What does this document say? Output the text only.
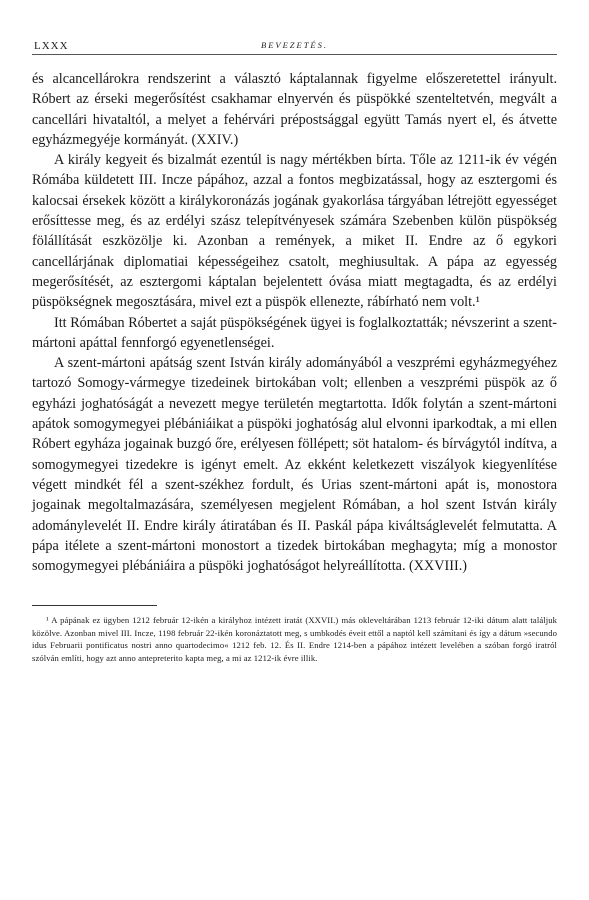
LXXX	BEVEZETÉS.

és alcancellárokra rendszerint a választó káptalannak figyelme előszeretettel irányult. Róbert az érseki megerősítést csakhamar elnyervén és püspökké szenteltetvén, megvált a cancellári hivataltól, a melyet a fehérvári prépostsággal együtt Tamás nyert el, és átvette egyházmegyéje kormányát. (XXIV.)

A király kegyeit és bizalmát ezentúl is nagy mértékben bírta. Tőle az 1211-ik év végén Rómába küldetett III. Incze pápához, azzal a fontos megbizatással, hogy az esztergomi és kalocsai érsekek között a királykoronázás jogának gyakorlása tárgyában létrejött egyességet erősíttesse meg, és az erdélyi szász telepítvényesek számára Szebenben külön püspökség fölállítását eszközölje ki. Azonban a remények, a miket II. Endre az ő egykori cancellárjának diplomatiai képességeihez csatolt, meghiusultak. A pápa az egyesség megerősítését, az esztergomi káptalan bejelentett óvása miatt megtagadta, és az erdélyi püspökségnek megosztására, mivel ezt a püspök ellenezte, rábírható nem volt.¹

Itt Rómában Róbertet a saját püspökségének ügyei is foglalkoztatták; névszerint a szent-mártoni apáttal fennforgó egyenetlenségei.

A szent-mártoni apátság szent István király adományából a veszprémi egyházmegyéhez tartozó Somogy-vármegye tizedeinek birtokában volt; ellenben a veszprémi püspök az ő egyházi joghatóságát a nevezett megye területén megtartotta. Idők folytán a szent-mártoni apátok somogymegyei plébániáikat a püspöki joghatóság alul elvonni iparkodtak, a mi ellen Róbert egyháza jogainak buzgó őre, erélyesen föllépett; söt hatalom- és bírvágytól indítva, a somogymegyei tizedekre is igényt emelt. Az ekként keletkezett viszályok kiegyenlítése végett mindkét fél a szent-székhez fordult, és Urias szent-mártoni apát is, monostora jogainak megoltalmazására, személyesen megjelent Rómában, a hol szent István király adománylevelét II. Endre király átiratában és II. Paskál pápa kiváltságlevelét felmutatta. A pápa itélete a szent-mártoni monostort a tizedek birtokában meghagyta; míg a monostor somogymegyei plébániáira a püspöki joghatóságot helyreállította. (XXVIII.)

¹ A pápának ez ügyben 1212 február 12-ikén a királyhoz intézett iratát (XXVII.) más okleveltárában 1213 február 12-iki dátum alatt találjuk közölve. Azonban mivel III. Incze, 1198 február 22-ikén koronáztatott meg, s umbkodés éveit ettől a naptól kell számítani és így a dátum »secundo idus Februarii pontificatus nostri anno quartodecimo« 1212 feb. 12. És II. Endre 1214-ben a pápához intézett levelében a szóban forgó iratról szólván említi, hogy azt anno antepreterito kapta meg, a mi az 1212-ik évre illik.
